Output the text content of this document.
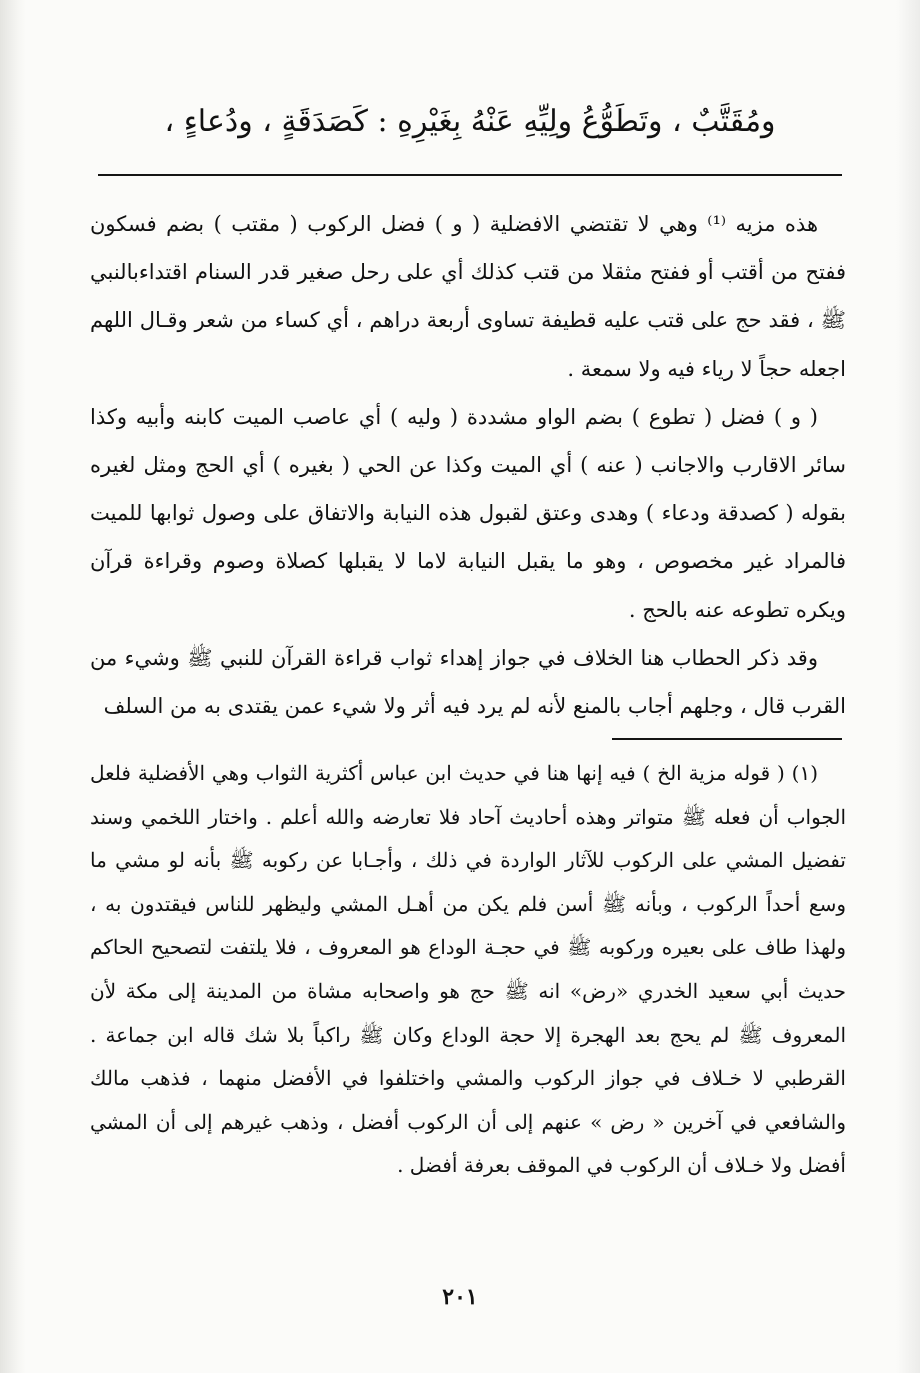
ومُقَتَّبٌ ، وتَطَوُّعُ ولِيِّهِ عَنْهُ بِغَيْرِهِ : كَصَدَقَةٍ ، ودُعاءٍ ،

هذه مزيه ⁽¹⁾ وهي لا تقتضي الافضلية ( و ) فضل الركوب ( مقتب ) بضم فسكون ففتح من أقتب أو ففتح مثقلا من قتب كذلك أي على رحل صغير قدر السنام اقتداءبالنبي ﷺ ، فقد حج على قتب عليه قطيفة تساوى أربعة دراهم ، أي كساء من شعر وقـال اللهم اجعله حجاً لا رياء فيه ولا سمعة .

( و ) فضل ( تطوع ) بضم الواو مشددة ( وليه ) أي عاصب الميت كابنه وأبيه وكذا سائر الاقارب والاجانب ( عنه ) أي الميت وكذا عن الحي ( بغيره ) أي الحج ومثل لغيره بقوله ( كصدقة ودعاء ) وهدى وعتق لقبول هذه النيابة والاتفاق على وصول ثوابها للميت فالمراد غير مخصوص ، وهو ما يقبل النيابة لاما لا يقبلها كصلاة وصوم وقراءة قرآن ويكره تطوعه عنه بالحج .

وقد ذكر الحطاب هنا الخلاف في جواز إهداء ثواب قراءة القرآن للنبي ﷺ وشيء من القرب قال ، وجلهم أجاب بالمنع لأنه لم يرد فيه أثر ولا شيء عمن يقتدى به من السلف

(١) ( قوله مزية الخ ) فيه إنها هنا في حديث ابن عباس أكثرية الثواب وهي الأفضلية فلعل الجواب أن فعله ﷺ متواتر وهذه أحاديث آحاد فلا تعارضه والله أعلم . واختار اللخمي وسند تفضيل المشي على الركوب للآثار الواردة في ذلك ، وأجـابا عن ركوبه ﷺ بأنه لو مشي ما وسع أحداً الركوب ، وبأنه ﷺ أسن فلم يكن من أهـل المشي وليظهر للناس فيقتدون به ، ولهذا طاف على بعيره وركوبه ﷺ في حجـة الوداع هو المعروف ، فلا يلتفت لتصحيح الحاكم حديث أبي سعيد الخدري «رض» انه ﷺ حج هو واصحابه مشاة من المدينة إلى مكة لأن المعروف ﷺ لم يحج بعد الهجرة إلا حجة الوداع وكان ﷺ راكباً بلا شك قاله ابن جماعة . القرطبي لا خـلاف في جواز الركوب والمشي واختلفوا في الأفضل منهما ، فذهب مالك والشافعي في آخرين « رض » عنهم إلى أن الركوب أفضل ، وذهب غيرهم إلى أن المشي أفضل ولا خـلاف أن الركوب في الموقف بعرفة أفضل .

٢٠١
